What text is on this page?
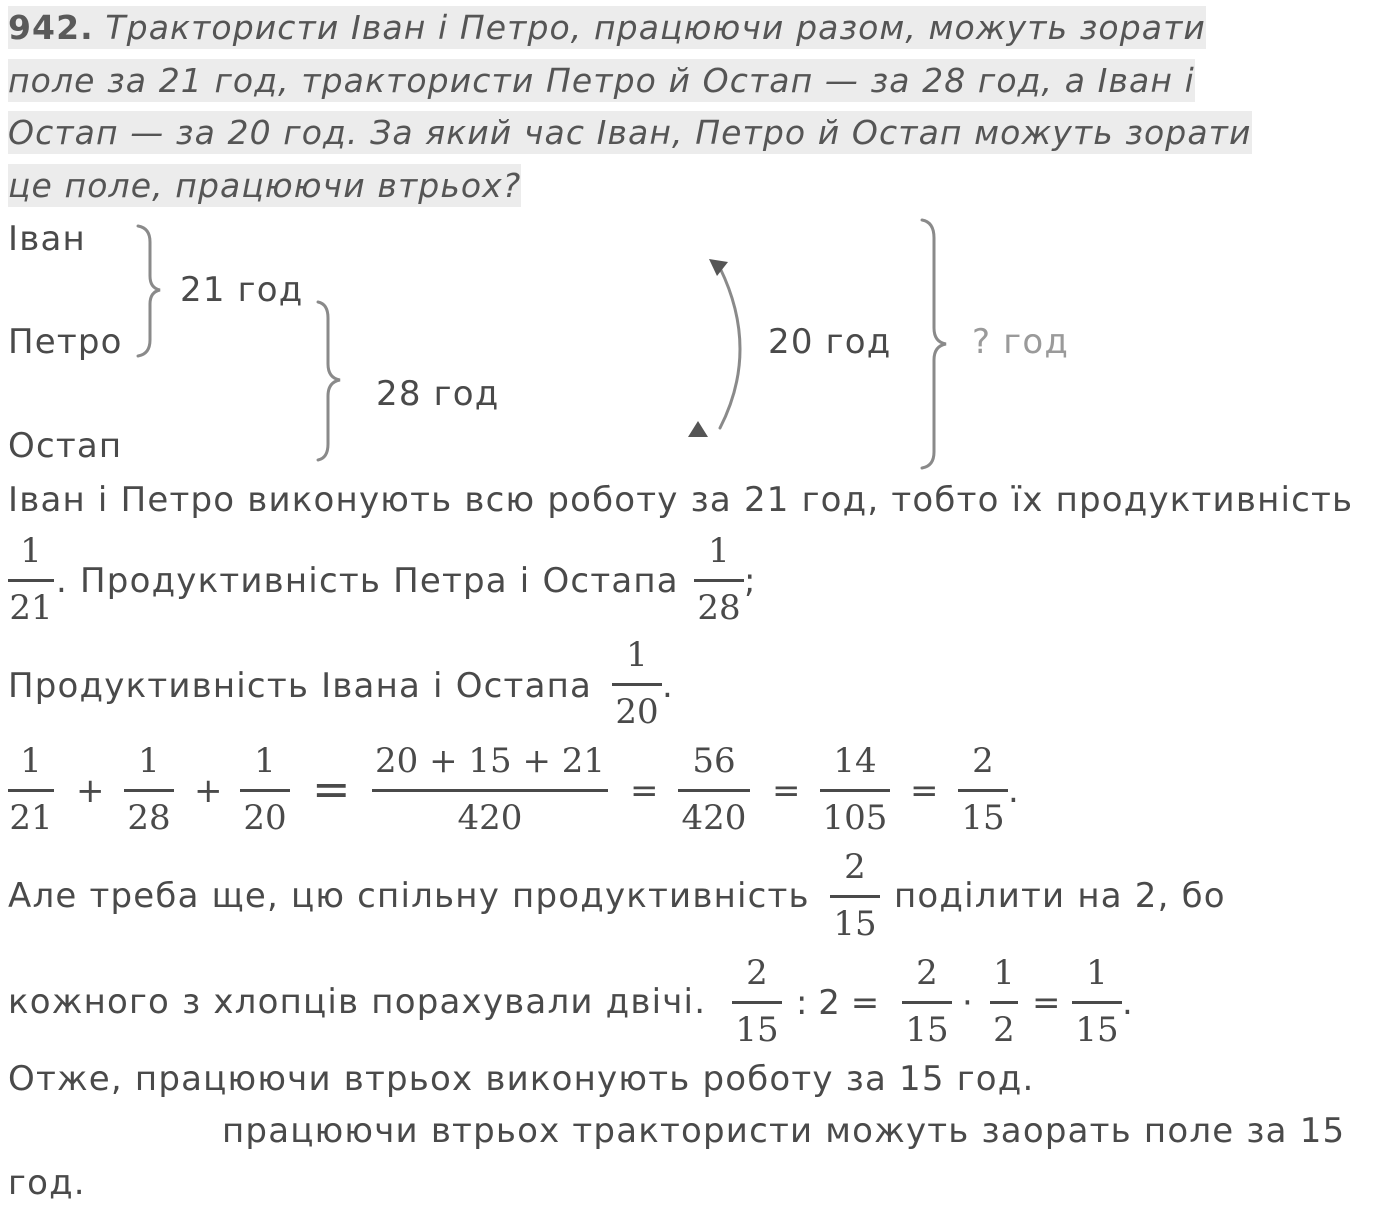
942. Трактористи Іван і Петро, працюючи разом, можуть зорати
поле за 21 год, трактористи Петро й Остап — за 28 год, а Іван і
Остап — за 20 год. За який час Іван, Петро й Остап можуть зорати
це поле, працюючи втрьох?
Іван
Петро
Остап
21 год
28 год
20 год ? год
Іван і Петро виконують всю роботу за 21 год, тобто їх продуктивність
1
21
. Продуктивність Петра і Остапа
1
28
;
Продуктивність Івана і Остапа
1
20
.
1
21
+
1
28
+
1
20
=
20 + 15 + 21
420
=
56
420
=
14
105
=
2
15
.
Але треба ще, цю спільну продуктивність
2
15
поділити на 2, бо
кожного з хлопців порахували двічі.
2
15
: 2 =
2
15
·
1
2
=
1
15
.
Отже, працюючи втрьох виконують роботу за 15 год.
працюючи втрьох трактористи можуть заорать поле за 15
год.
